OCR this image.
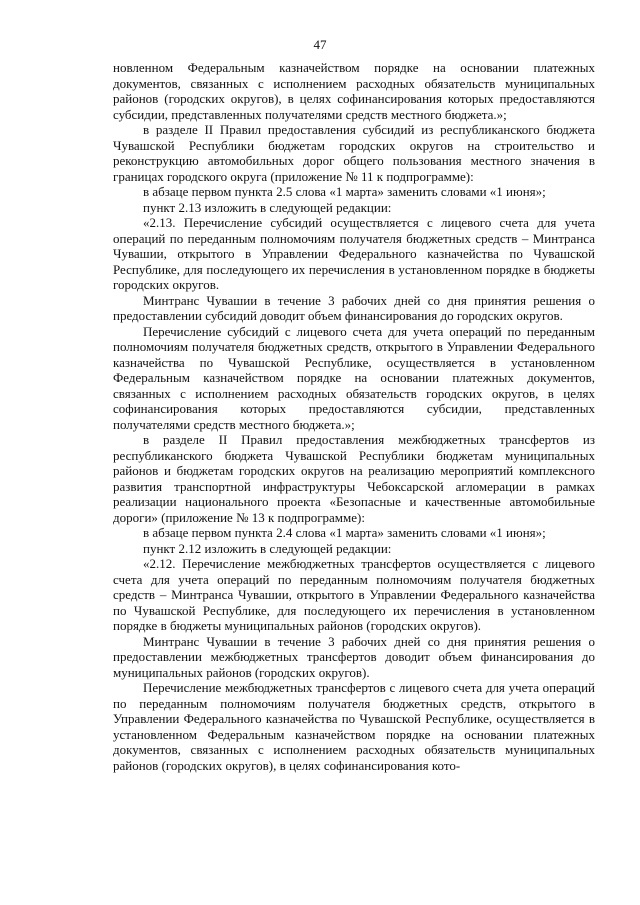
47

новленном Федеральным казначейством порядке на основании платежных документов, связанных с исполнением расходных обязательств муниципальных районов (городских округов), в целях софинансирования которых предоставляются субсидии, представленных получателями средств местного бюджета.»;

в разделе II Правил предоставления субсидий из республиканского бюджета Чувашской Республики бюджетам городских округов на строительство и реконструкцию автомобильных дорог общего пользования местного значения в границах городского округа (приложение № 11 к подпрограмме):

в абзаце первом пункта 2.5 слова «1 марта» заменить словами «1 июня»;

пункт 2.13 изложить в следующей редакции:

«2.13. Перечисление субсидий осуществляется с лицевого счета для учета операций по переданным полномочиям получателя бюджетных средств – Минтранса Чувашии, открытого в Управлении Федерального казначейства по Чувашской Республике, для последующего их перечисления в установленном порядке в бюджеты городских округов.

Минтранс Чувашии в течение 3 рабочих дней со дня принятия решения о предоставлении субсидий доводит объем финансирования до городских округов.

Перечисление субсидий с лицевого счета для учета операций по переданным полномочиям получателя бюджетных средств, открытого в Управлении Федерального казначейства по Чувашской Республике, осуществляется в установленном Федеральным казначейством порядке на основании платежных документов, связанных с исполнением расходных обязательств городских округов, в целях софинансирования которых предоставляются субсидии, представленных получателями средств местного бюджета.»;

в разделе II Правил предоставления межбюджетных трансфертов из республиканского бюджета Чувашской Республики бюджетам муниципальных районов и бюджетам городских округов на реализацию мероприятий комплексного развития транспортной инфраструктуры Чебоксарской агломерации в рамках реализации национального проекта «Безопасные и качественные автомобильные дороги» (приложение № 13 к подпрограмме):

в абзаце первом пункта 2.4 слова «1 марта» заменить словами «1 июня»;

пункт 2.12 изложить в следующей редакции:

«2.12. Перечисление межбюджетных трансфертов осуществляется с лицевого счета для учета операций по переданным полномочиям получателя бюджетных средств – Минтранса Чувашии, открытого в Управлении Федерального казначейства по Чувашской Республике, для последующего их перечисления в установленном порядке в бюджеты муниципальных районов (городских округов).

Минтранс Чувашии в течение 3 рабочих дней со дня принятия решения о предоставлении межбюджетных трансфертов доводит объем финансирования до муниципальных районов (городских округов).

Перечисление межбюджетных трансфертов с лицевого счета для учета операций по переданным полномочиям получателя бюджетных средств, открытого в Управлении Федерального казначейства по Чувашской Республике, осуществляется в установленном Федеральным казначейством порядке на основании платежных документов, связанных с исполнением расходных обязательств муниципальных районов (городских округов), в целях софинансирования кото-
